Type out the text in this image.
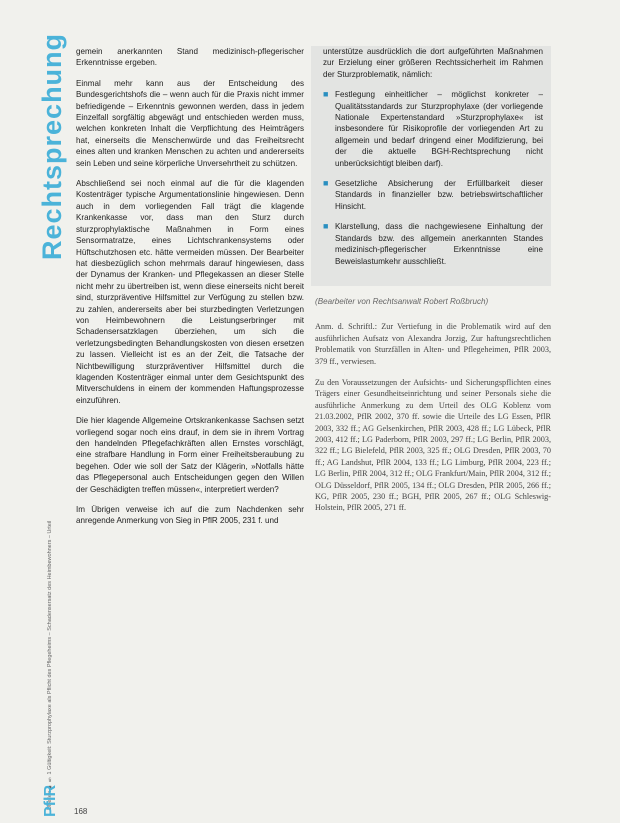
Rechtsprechung
Urteilen ■ § 1 Gültigkeit: Sturzprophylaxe als Pflicht des Pflegeheims – Schadensersatz des Heimbewohners – Urteil
PflR	168

gemein anerkannten Stand medizinisch-pflegerischer Erkenntnisse ergeben.

Einmal mehr kann aus der Entscheidung des Bundesgerichtshofs die – wenn auch für die Praxis nicht immer befriedigende – Erkenntnis gewonnen werden, dass in jedem Einzelfall sorgfältig abgewägt und entschieden werden muss, welchen konkreten Inhalt die Verpflichtung des Heimträgers hat, einerseits die Menschenwürde und das Freiheitsrecht eines alten und kranken Menschen zu achten und andererseits sein Leben und seine körperliche Unversehrtheit zu schützen.

Abschließend sei noch einmal auf die für die klagenden Kostenträger typische Argumentationslinie hingewiesen. Denn auch in dem vorliegenden Fall trägt die klagende Krankenkasse vor, dass man den Sturz durch sturzprophylaktische Maßnahmen in Form eines Sensormatratze, eines Lichtschrankensystems oder Hüftschutzhosen etc. hätte vermeiden müssen. Der Bearbeiter hat diesbezüglich schon mehrmals darauf hingewiesen, dass der Dynamus der Kranken- und Pflegekassen an dieser Stelle nicht mehr zu übertreiben ist, wenn diese einerseits nicht bereit sind, sturzpräventive Hilfsmittel zur Verfügung zu stellen bzw. zu zahlen, andererseits aber bei sturzbedingten Verletzungen von Heimbewohnern die Leistungserbringer mit Schadensersatzklagen überziehen, um sich die verletzungsbedingten Behandlungskosten von diesen ersetzen zu lassen. Vielleicht ist es an der Zeit, die Tatsache der Nichtbewilligung sturzpräventiver Hilfsmittel durch die klagenden Kostenträger einmal unter dem Gesichtspunkt des Mitverschuldens in einem der kommenden Haftungsprozesse einzuführen.

Die hier klagende Allgemeine Ortskrankenkasse Sachsen setzt vorliegend sogar noch eins drauf, in dem sie in ihrem Vortrag den handelnden Pflegefachkräften allen Ernstes vorschlägt, eine strafbare Handlung in Form einer Freiheitsberaubung zu begehen. Oder wie soll der Satz der Klägerin, »Notfalls hätte das Pflegepersonal auch Entscheidungen gegen den Willen der Geschädigten treffen müssen«, interpretiert werden?

Im Übrigen verweise ich auf die zum Nachdenken sehr anregende Anmerkung von Sieg in PflR 2005, 231 f. und

unterstütze ausdrücklich die dort aufgeführten Maßnahmen zur Erzielung einer größeren Rechtssicherheit im Rahmen der Sturzproblematik, nämlich:

■ Festlegung einheitlicher – möglichst konkreter – Qualitätsstandards zur Sturzprophylaxe (der vorliegende Nationale Expertenstandard »Sturzprophylaxe« ist insbesondere für Risikoprofile der vorliegenden Art zu allgemein und bedarf dringend einer Modifizierung, bei der die aktuelle BGH-Rechtsprechung nicht unberücksichtigt bleiben darf).
■ Gesetzliche Absicherung der Erfüllbarkeit dieser Standards in finanzieller bzw. betriebswirtschaftlicher Hinsicht.
■ Klarstellung, dass die nachgewiesene Einhaltung der Standards bzw. des allgemein anerkannten Standes medizinisch-pflegerischer Erkenntnisse eine Beweislastumkehr ausschließt.

(Bearbeiter von Rechtsanwalt Robert Roßbruch)

Anm. d. Schriftl.: Zur Vertiefung in die Problematik wird auf den ausführlichen Aufsatz von Alexandra Jorzig, Zur haftungsrechtlichen Problematik von Sturzfällen in Alten- und Pflegeheimen, PflR 2003, 379 ff., verwiesen.

Zu den Voraussetzungen der Aufsichts- und Sicherungspflichten eines Trägers einer Gesundheitseinrichtung und seiner Personals siehe die ausführliche Anmerkung zu dem Urteil des OLG Koblenz vom 21.03.2002, PflR 2002, 370 ff. sowie die Urteile des LG Essen, PflR 2003, 332 ff.; AG Gelsenkirchen, PflR 2003, 428 ff.; LG Lübeck, PflR 2003, 412 ff.; LG Paderborn, PflR 2003, 297 ff.; LG Berlin, PflR 2003, 322 ff.; LG Bielefeld, PflR 2003, 325 ff.; OLG Dresden, PflR 2003, 70 ff.; AG Landshut, PflR 2004, 133 ff.; LG Limburg, PflR 2004, 223 ff.; LG Berlin, PflR 2004, 312 ff.; OLG Frankfurt/Main, PflR 2004, 312 ff.; OLG Düsseldorf, PflR 2005, 134 ff.; OLG Dresden, PflR 2005, 266 ff.; KG, PflR 2005, 230 ff.; BGH, PflR 2005, 267 ff.; OLG Schleswig-Holstein, PflR 2005, 271 ff.
